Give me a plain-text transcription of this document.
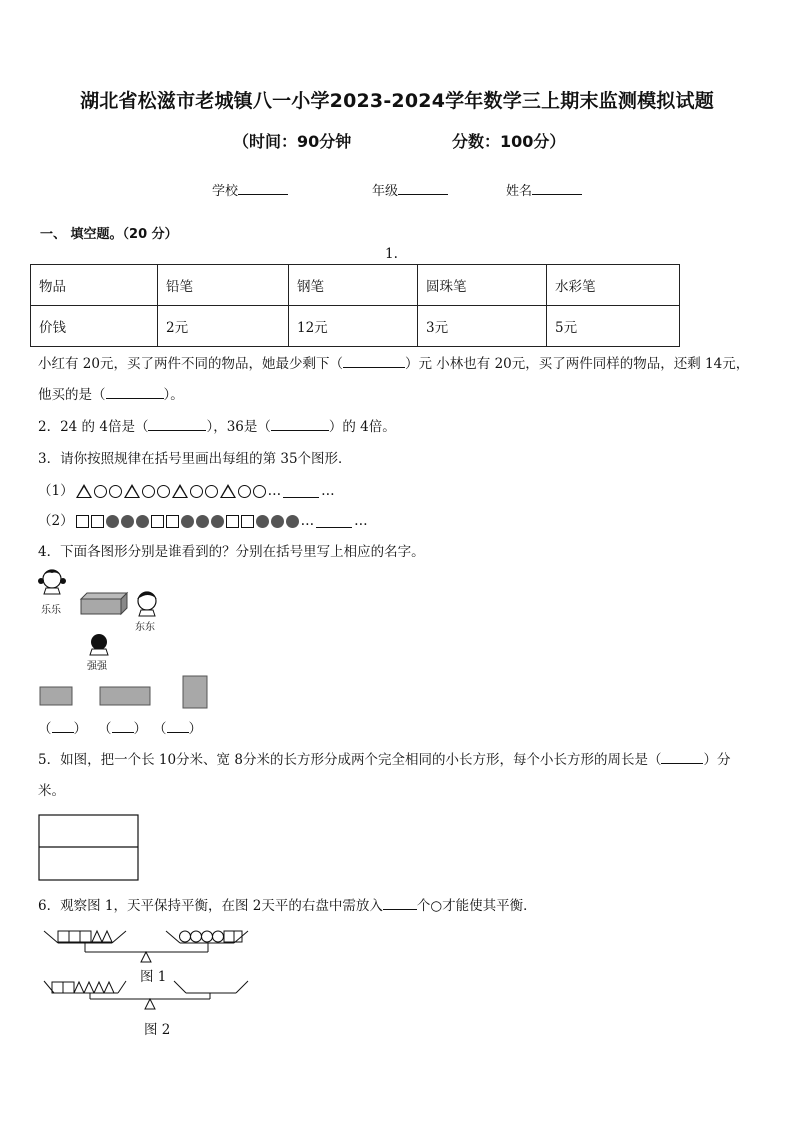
湖北省松滋市老城镇八一小学2023-2024学年数学三上期末监测模拟试题
（时间：90分钟	分数：100分）
学校	年级	姓名
一、 填空题。（20 分）
1.
物品	铅笔	钢笔	圆珠笔	水彩笔
价钱	2元	12元	3元	5元
小红有 20元，买了两件不同的物品，她最少剩下（	）元 小林也有 20元，买了两件同样的物品，还剩 14元，
他买的是（	）。
2．24 的 4倍是（	），36是（	）的 4倍。
3．请你按照规律在括号里画出每组的第 35个图形．
（1）	…	…
（2）	…	…
4．下面各图形分别是谁看到的？分别在括号里写上相应的名字。
乐乐
东东
强强
（ ） （ ） （ ）
5．如图，把一个长 10分米、宽 8分米的长方形分成两个完全相同的小长方形，每个小长方形的周长是（	）分
米。
6．观察图 1，天平保持平衡，在图 2天平的右盘中需放入	个○才能使其平衡．
图 1
图 2
